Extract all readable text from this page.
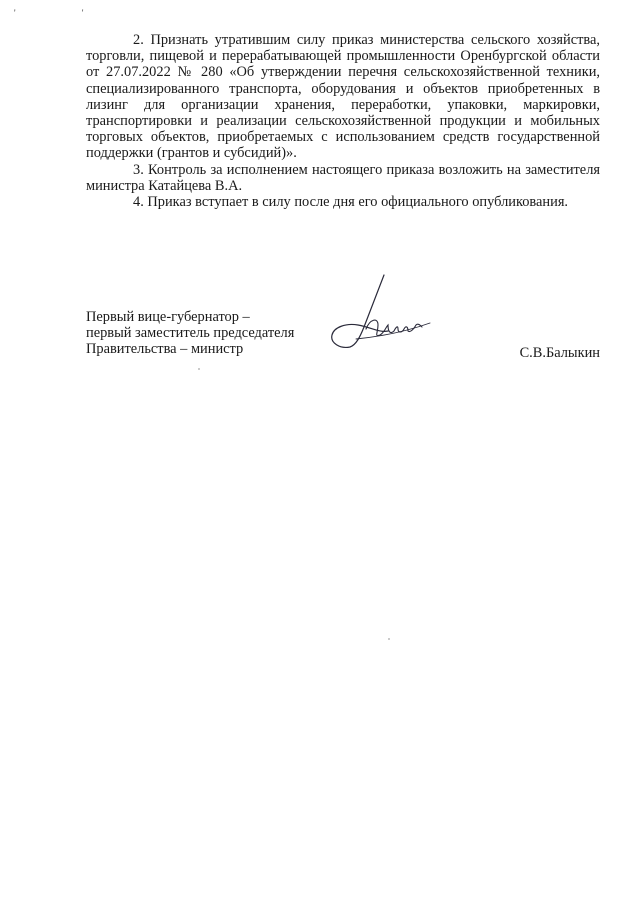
' '

2. Признать утратившим силу приказ министерства сельского хозяйства, торговли, пищевой и перерабатывающей промышленности Оренбургской области от 27.07.2022 № 280 «Об утверждении перечня сельскохозяйственной техники, специализированного транспорта, оборудования и объектов приобретенных в лизинг для организации хранения, переработки, упаковки, маркировки, транспортировки и реализации сельскохозяйственной продукции и мобильных торговых объектов, приобретаемых с использованием средств государственной поддержки (грантов и субсидий)».

3. Контроль за исполнением настоящего приказа возложить на заместителя министра Катайцева В.А.

4. Приказ вступает в силу после дня его официального опубликования.

Первый вице-губернатор –
первый заместитель председателя
Правительства – министр	С.В.Балыкин
